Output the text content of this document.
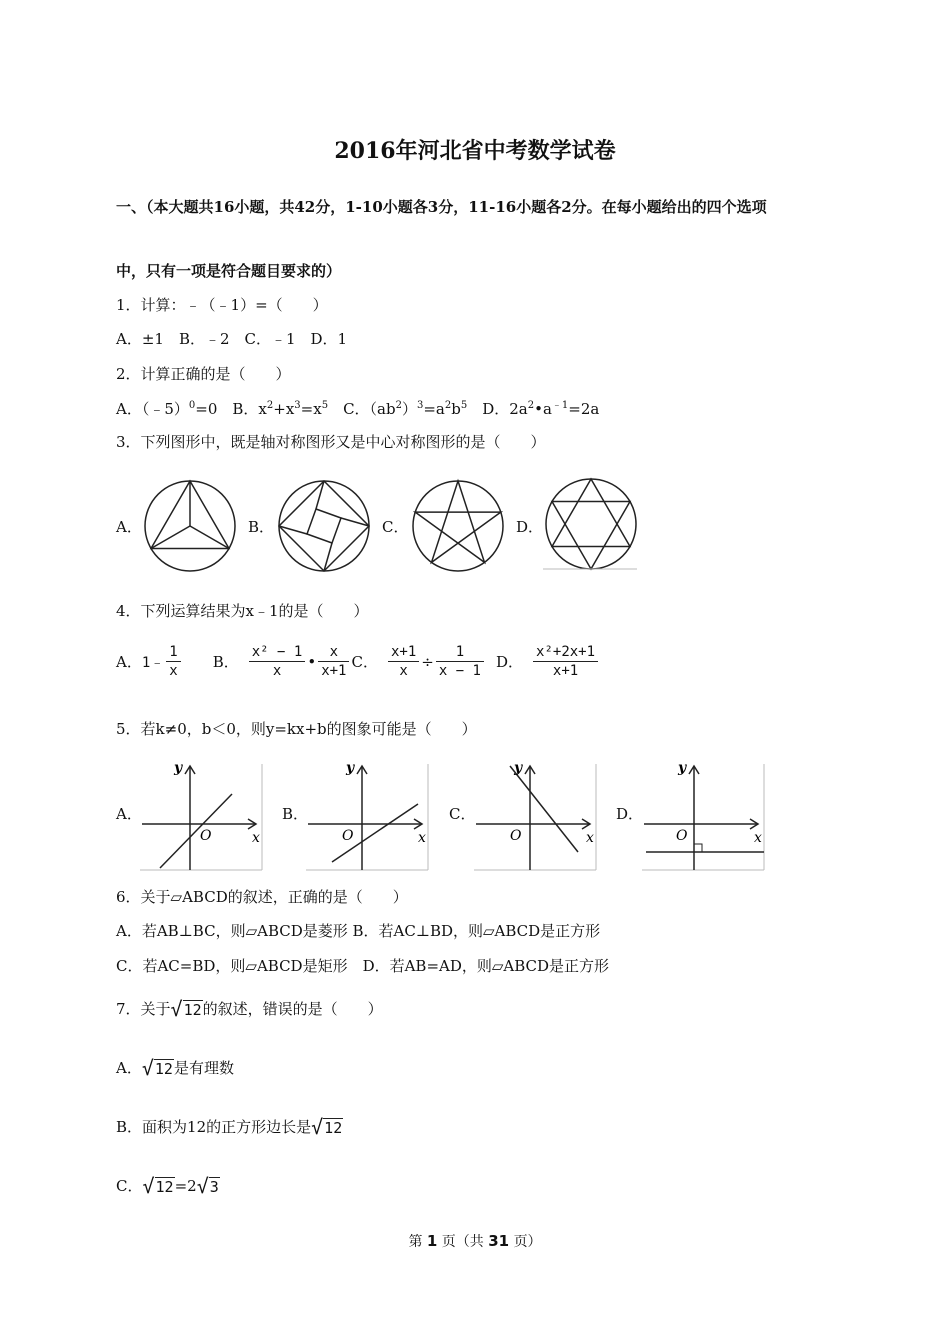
2016年河北省中考数学试卷
一、（本大题共16小题，共42分，1-10小题各3分，11-16小题各2分。在每小题给出的四个选项
中，只有一项是符合题目要求的）
1．计算：﹣（﹣1）=（　　）
A．±1　B．﹣2　C．﹣1　D．1
2．计算正确的是（　　）
A．（﹣5）$^0$=0　B．$x^2+x^3=x^5$　C．$(ab^2)^3=a^2b^5$　D．$2a^2•a^{﹣1}=2a$
3．下列图形中，既是轴对称图形又是中心对称图形的是（　　）
A．	B．	C．	D．
4．下列运算结果为x﹣1的是（　　）
A． 1﹣ $\frac{1}{x}$ B． $\frac{\text{x² − 1}}{x}$ • $\frac{x}{x+1}$ C． $\frac{x+1}{x} \div \frac{1}{x - 1}$ D． $\frac{\text{x²+2x+1}}{x+1}$
5．若k≠0，b＜0，则y=kx+b的图象可能是（　　）
A．	B．	C．	D．
y
x
O
y
x
O
y
x
O
y
x
O
6．关于▱ABCD的叙述，正确的是（　　）
A．若AB⊥BC，则▱ABCD是菱形 B．若AC⊥BD，则▱ABCD是正方形
C．若AC=BD，则▱ABCD是矩形　D．若AB=AD，则▱ABCD是正方形
7．关于 √ 12 的叙述，错误的是（　　）
A． √ 12 是有理数
B．面积为12的正方形边长是 √ 12
C． √ 12 =2 √ 3
第 1 页（共 31 页）
